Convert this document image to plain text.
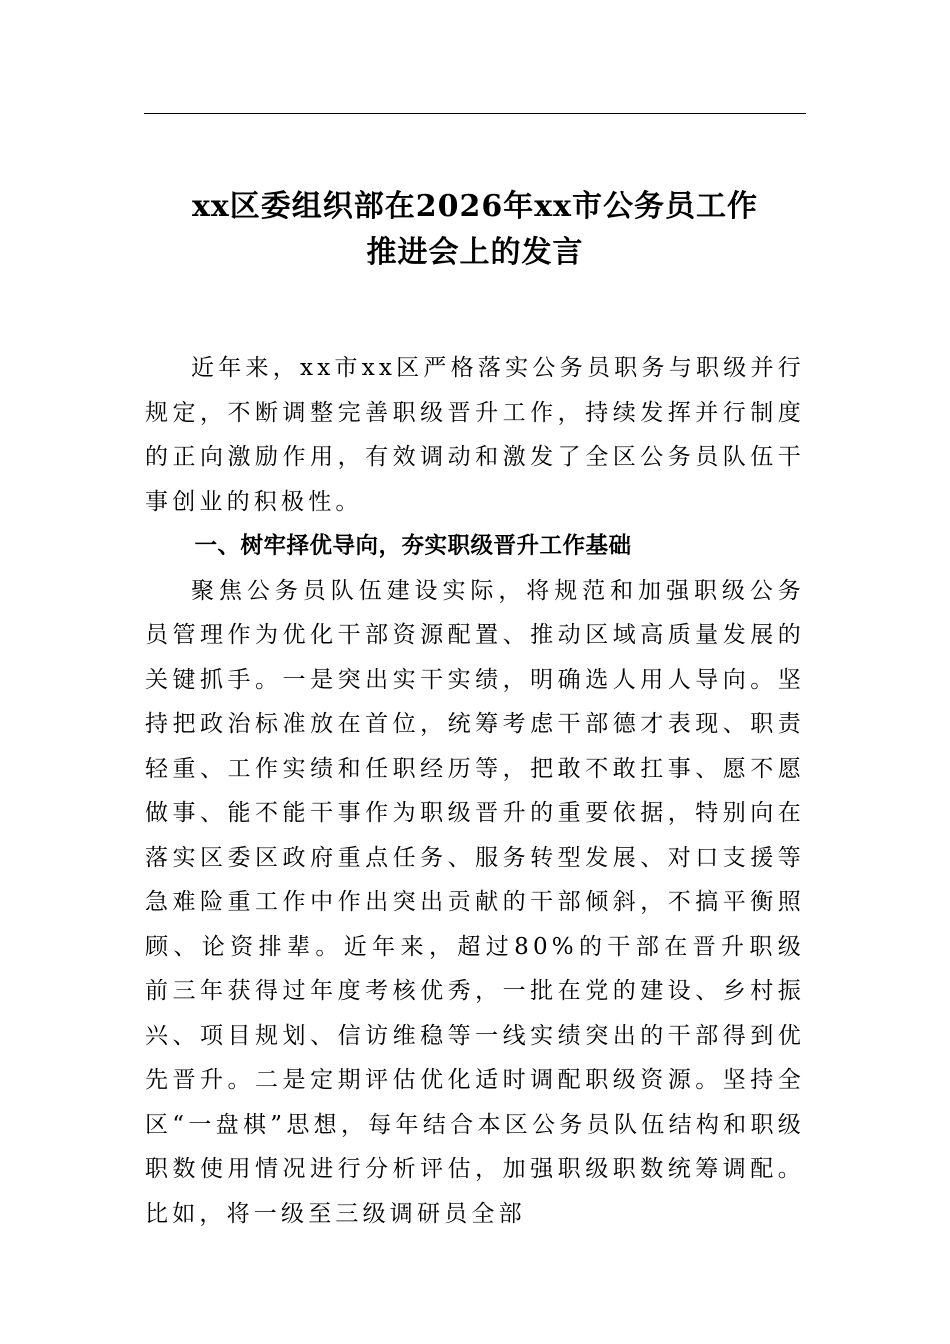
xx区委组织部在2026年xx市公务员工作
推进会上的发言

近年来，xx市xx区严格落实公务员职务与职级并行规定，不断调整完善职级晋升工作，持续发挥并行制度的正向激励作用，有效调动和激发了全区公务员队伍干事创业的积极性。

一、树牢择优导向，夯实职级晋升工作基础

聚焦公务员队伍建设实际，将规范和加强职级公务员管理作为优化干部资源配置、推动区域高质量发展的关键抓手。一是突出实干实绩，明确选人用人导向。坚持把政治标准放在首位，统筹考虑干部德才表现、职责轻重、工作实绩和任职经历等，把敢不敢扛事、愿不愿做事、能不能干事作为职级晋升的重要依据，特别向在落实区委区政府重点任务、服务转型发展、对口支援等急难险重工作中作出突出贡献的干部倾斜，不搞平衡照顾、论资排辈。近年来，超过80%的干部在晋升职级前三年获得过年度考核优秀，一批在党的建设、乡村振兴、项目规划、信访维稳等一线实绩突出的干部得到优先晋升。二是定期评估优化适时调配职级资源。坚持全区“一盘棋”思想，每年结合本区公务员队伍结构和职级职数使用情况进行分析评估，加强职级职数统筹调配。比如，将一级至三级调研员全部
